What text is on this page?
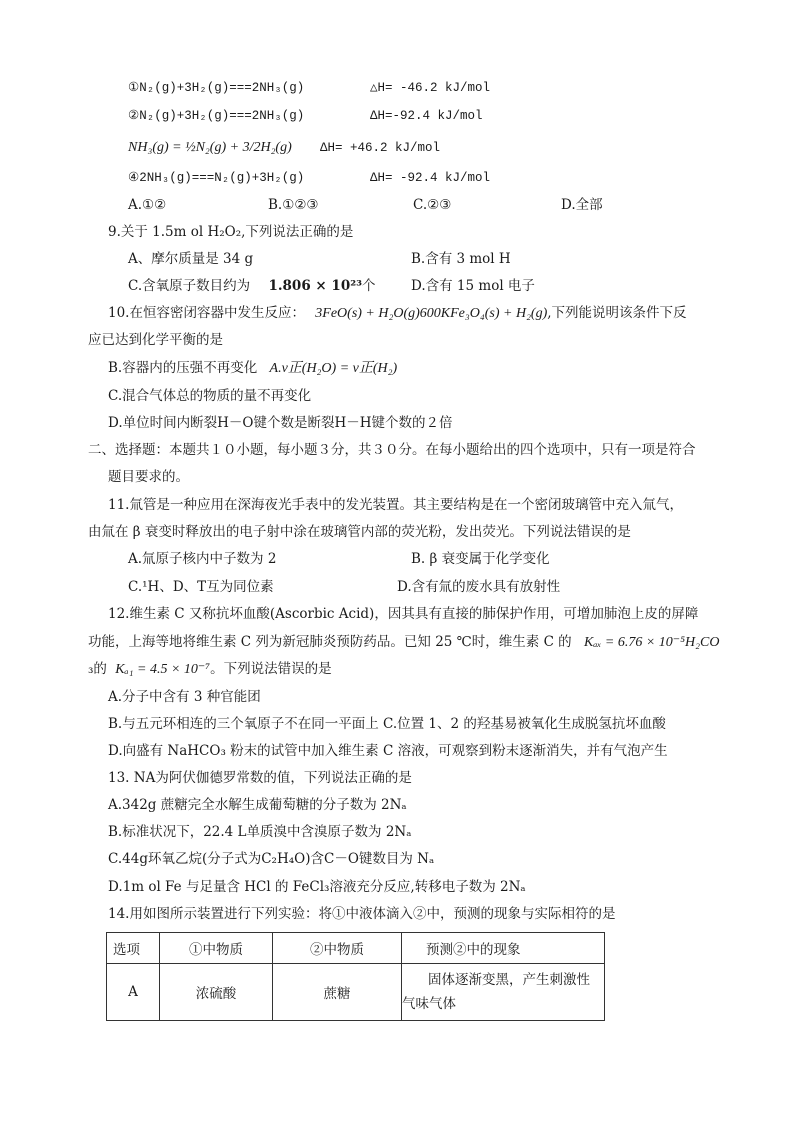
①N₂(g)+3H₂(g)===2NH₃(g)	△H= -46.2 kJ/mol
②N₂(g)+3H₂(g)===2NH₃(g)	ΔH=-92.4 kJ/mol
NH₃(g) = ½N₂(g) + 3/2H₂(g) ΔH= +46.2 kJ/mol
④2NH₃(g)===N₂(g)+3H₂(g)	ΔH= -92.4 kJ/mol
A.①②	B.①②③	C.②③	D.全部
9.关于 1.5m ol H₂O₂,下列说法正确的是
A、摩尔质量是 34 g	B.含有 3 mol H
C.含氧原子数目约为 1.806 × 10²³个	D.含有 15 mol 电子
10.在恒容密闭容器中发生反应： 3FeO(s) + H₂O(g)600KFe₃O₄(s) + H₂(g),下列能说明该条件下反
应已达到化学平衡的是
B.容器内的压强不再变化 A.v正(H₂O) = v正(H₂)
C.混合气体总的物质的量不再变化
D.单位时间内断裂H－O键个数是断裂H－H键个数的２倍
二、选择题：本题共１０小题，每小题３分，共３０分。在每小题给出的四个选项中，只有一项是符合
题目要求的。
11.氚管是一种应用在深海夜光手表中的发光装置。其主要结构是在一个密闭玻璃管中充入氚气，
由氚在 β 衰变时释放出的电子射中涂在玻璃管内部的荧光粉，发出荧光。下列说法错误的是
A.氚原子核内中子数为 2	B. β 衰变属于化学变化
C.¹H、D、T互为同位素	D.含有氚的废水具有放射性
12.维生素 C 又称抗坏血酸(Ascorbic Acid)，因其具有直接的肺保护作用，可增加肺泡上皮的屏障
功能，上海等地将维生素 C 列为新冠肺炎预防药品。已知 25 ℃时，维生素 C 的 Kₐₓ = 6.76 × 10⁻⁵H₂CO
₃的 Kₐ₁ = 4.5 × 10⁻⁷。下列说法错误的是
A.分子中含有 3 种官能团
B.与五元环相连的三个氧原子不在同一平面上 C.位置 1、2 的羟基易被氧化生成脱氢抗坏血酸
D.向盛有 NaHCO₃ 粉末的试管中加入维生素 C 溶液，可观察到粉末逐渐消失，并有气泡产生
13. NA为阿伏伽德罗常数的值，下列说法正确的是
A.342g 蔗糖完全水解生成葡萄糖的分子数为 2Nₐ
B.标准状况下，22.4 L单质溴中含溴原子数为 2Nₐ
C.44g环氧乙烷(分子式为C₂H₄O)含C－O键数目为 Nₐ
D.1m ol Fe 与足量含 HCl 的 FeCl₃溶液充分反应,转移电子数为 2Nₐ
14.用如图所示装置进行下列实验：将①中液体滴入②中，预测的现象与实际相符的是
选项	①中物质	②中物质	预测②中的现象
A	浓硫酸	蔗糖	固体逐渐变黑，产生刺激性气味气体
